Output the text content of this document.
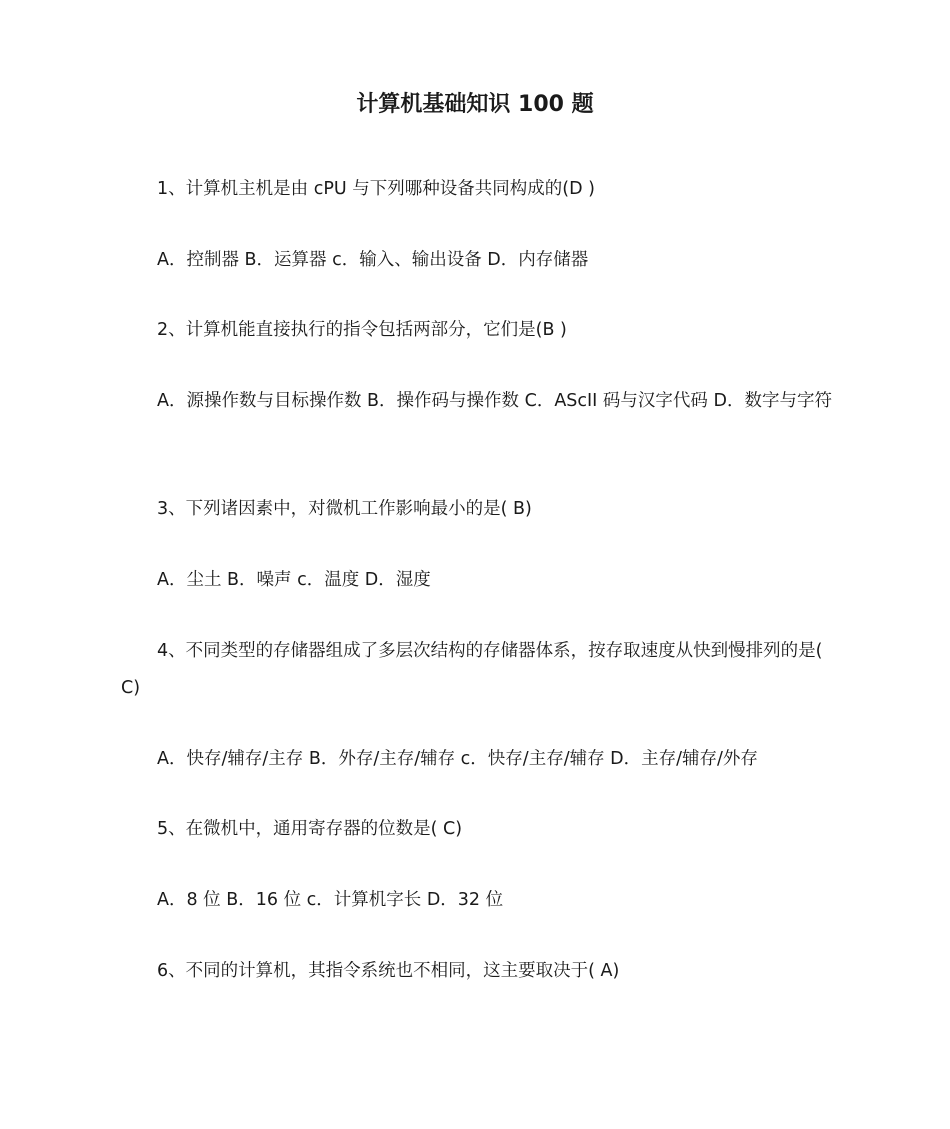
计算机基础知识 100 题

1、计算机主机是由 cPU 与下列哪种设备共同构成的(D )

A．控制器 B．运算器 c．输入、输出设备 D．内存储器

2、计算机能直接执行的指令包括两部分，它们是(B )

A．源操作数与目标操作数 B．操作码与操作数 C．AScII 码与汉字代码 D．数字与字符

3、下列诸因素中，对微机工作影响最小的是( B)

A．尘土 B．噪声 c．温度 D．湿度

4、不同类型的存储器组成了多层次结构的存储器体系，按存取速度从快到慢排列的是( C)

A．快存/辅存/主存 B．外存/主存/辅存 c．快存/主存/辅存 D．主存/辅存/外存

5、在微机中，通用寄存器的位数是( C)

A．8 位 B．16 位 c．计算机字长 D．32 位

6、不同的计算机，其指令系统也不相同，这主要取决于( A)
